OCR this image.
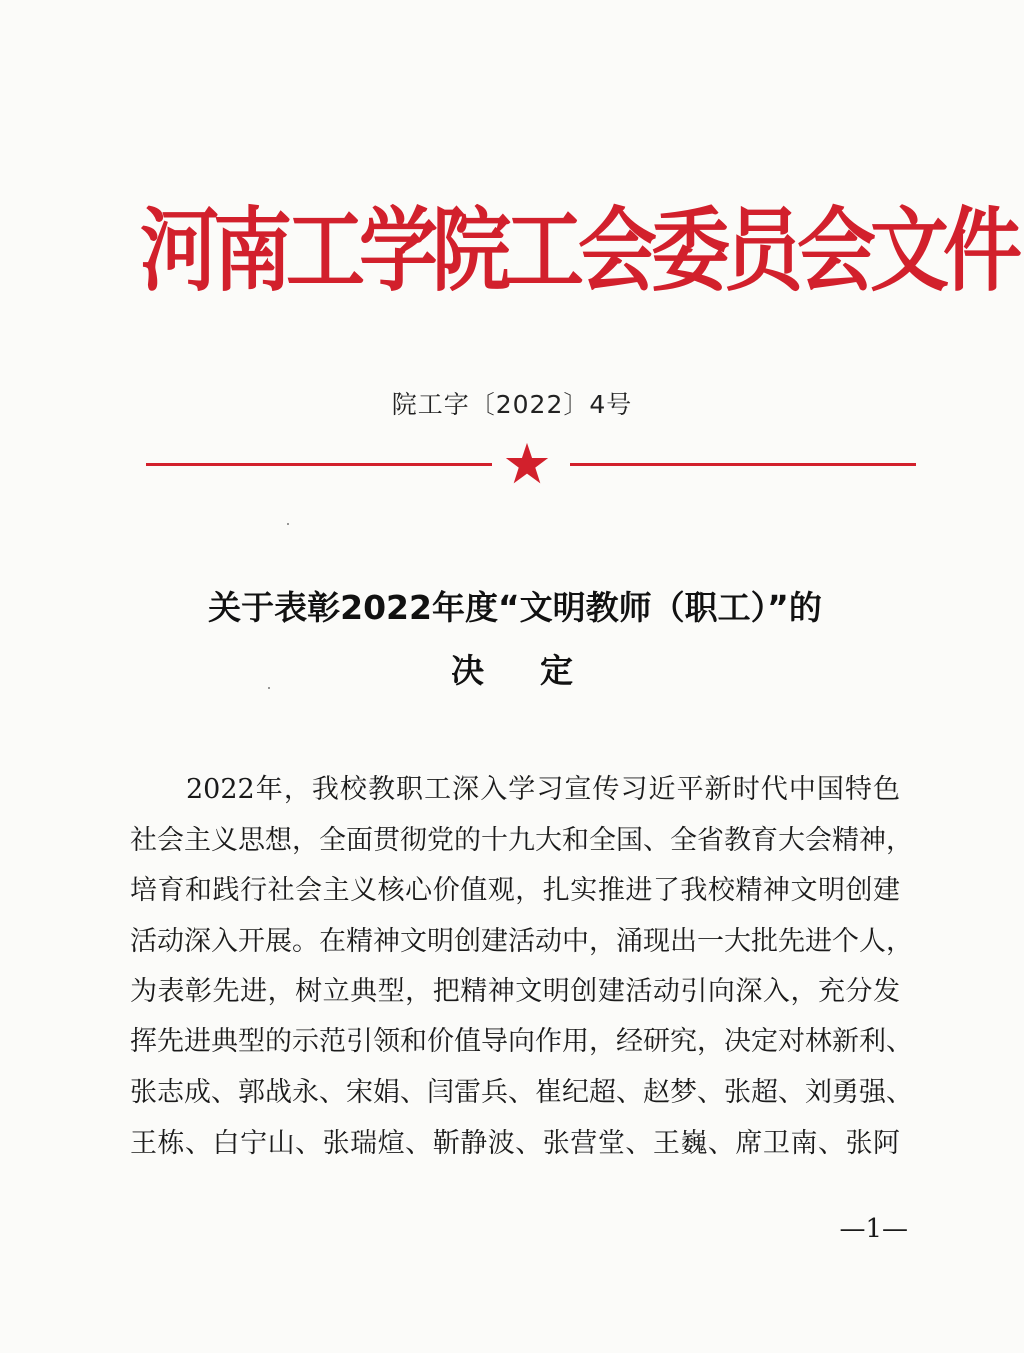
河南工学院工会委员会文件
院工字〔2022〕4号
关于表彰2022年度“文明教师（职工）”的
决定
2022年，我校教职工深入学习宣传习近平新时代中国特色
社会主义思想，全面贯彻党的十九大和全国、全省教育大会精神，
培育和践行社会主义核心价值观，扎实推进了我校精神文明创建
活动深入开展。在精神文明创建活动中，涌现出一大批先进个人，
为表彰先进，树立典型，把精神文明创建活动引向深入，充分发
挥先进典型的示范引领和价值导向作用，经研究，决定对林新利、
张志成、郭战永、宋娟、闫雷兵、崔纪超、赵梦、张超、刘勇强、
王栋、白宁山、张瑞煊、靳静波、张营堂、王巍、席卫南、张阿
—1—
